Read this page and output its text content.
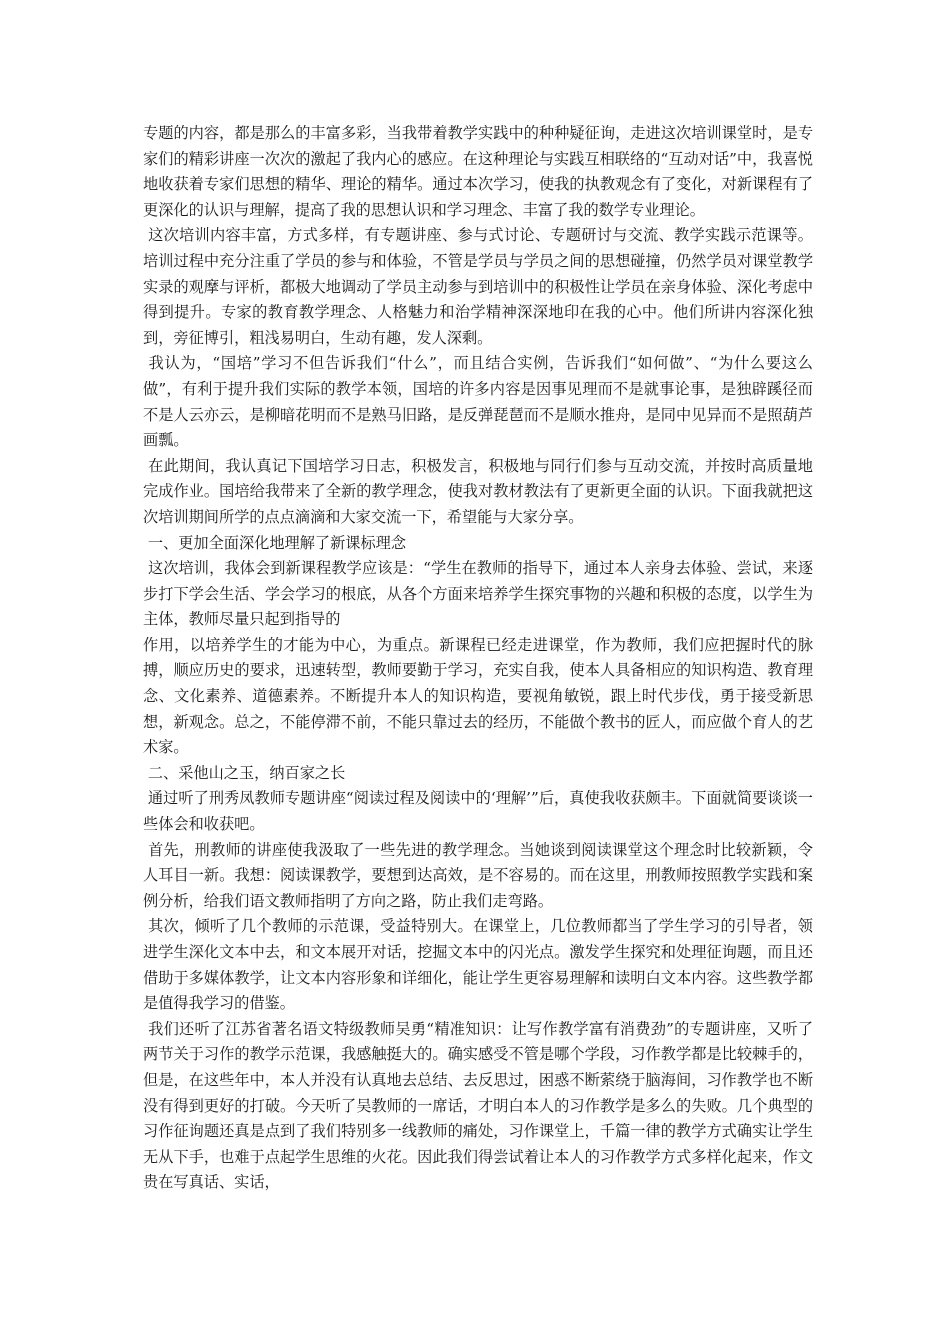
专题的内容，都是那么的丰富多彩，当我带着教学实践中的种种疑征询，走进这次培训课堂时，是专家们的精彩讲座一次次的激起了我内心的感应。在这种理论与实践互相联络的“互动对话”中，我喜悦地收获着专家们思想的精华、理论的精华。通过本次学习，使我的执教观念有了变化，对新课程有了更深化的认识与理解，提高了我的思想认识和学习理念、丰富了我的数学专业理论。

这次培训内容丰富，方式多样，有专题讲座、参与式讨论、专题研讨与交流、教学实践示范课等。培训过程中充分注重了学员的参与和体验，不管是学员与学员之间的思想碰撞，仍然学员对课堂教学实录的观摩与评析，都极大地调动了学员主动参与到培训中的积极性让学员在亲身体验、深化考虑中得到提升。专家的教育教学理念、人格魅力和治学精神深深地印在我的心中。他们所讲内容深化独到，旁征博引，粗浅易明白，生动有趣，发人深剩。

我认为，“国培”学习不但告诉我们“什么”，而且结合实例，告诉我们“如何做”、“为什么要这么做”，有利于提升我们实际的教学本领，国培的许多内容是因事见理而不是就事论事，是独辟蹊径而不是人云亦云，是柳暗花明而不是熟马旧路，是反弹琵琶而不是顺水推舟，是同中见异而不是照葫芦画瓢。

在此期间，我认真记下国培学习日志，积极发言，积极地与同行们参与互动交流，并按时高质量地完成作业。国培给我带来了全新的教学理念，使我对教材教法有了更新更全面的认识。下面我就把这次培训期间所学的点点滴滴和大家交流一下，希望能与大家分享。

一、更加全面深化地理解了新课标理念

这次培训，我体会到新课程教学应该是：“学生在教师的指导下，通过本人亲身去体验、尝试，来逐步打下学会生活、学会学习的根底，从各个方面来培养学生探究事物的兴趣和积极的态度，以学生为主体，教师尽量只起到指导的

作用，以培养学生的才能为中心，为重点。新课程已经走进课堂，作为教师，我们应把握时代的脉搏，顺应历史的要求，迅速转型，教师要勤于学习，充实自我，使本人具备相应的知识构造、教育理念、文化素养、道德素养。不断提升本人的知识构造，要视角敏锐，跟上时代步伐，勇于接受新思想，新观念。总之，不能停滞不前，不能只靠过去的经历，不能做个教书的匠人，而应做个育人的艺术家。

二、采他山之玉，纳百家之长

通过听了刑秀凤教师专题讲座“阅读过程及阅读中的‘理解’”后，真使我收获颇丰。下面就简要谈谈一些体会和收获吧。

首先，刑教师的讲座使我汲取了一些先进的教学理念。当她谈到阅读课堂这个理念时比较新颖，令人耳目一新。我想：阅读课教学，要想到达高效，是不容易的。而在这里，刑教师按照教学实践和案例分析，给我们语文教师指明了方向之路，防止我们走弯路。

其次，倾听了几个教师的示范课，受益特别大。在课堂上，几位教师都当了学生学习的引导者，领进学生深化文本中去，和文本展开对话，挖掘文本中的闪光点。激发学生探究和处理征询题，而且还借助于多媒体教学，让文本内容形象和详细化，能让学生更容易理解和读明白文本内容。这些教学都是值得我学习的借鉴。

我们还听了江苏省著名语文特级教师吴勇“精准知识：让写作教学富有消费劲”的专题讲座，又听了两节关于习作的教学示范课，我感触挺大的。确实感受不管是哪个学段，习作教学都是比较棘手的，但是，在这些年中，本人并没有认真地去总结、去反思过，困惑不断萦绕于脑海间，习作教学也不断没有得到更好的打破。今天听了吴教师的一席话，才明白本人的习作教学是多么的失败。几个典型的习作征询题还真是点到了我们特别多一线教师的痛处，习作课堂上，千篇一律的教学方式确实让学生无从下手，也难于点起学生思维的火花。因此我们得尝试着让本人的习作教学方式多样化起来，作文贵在写真话、实话，
